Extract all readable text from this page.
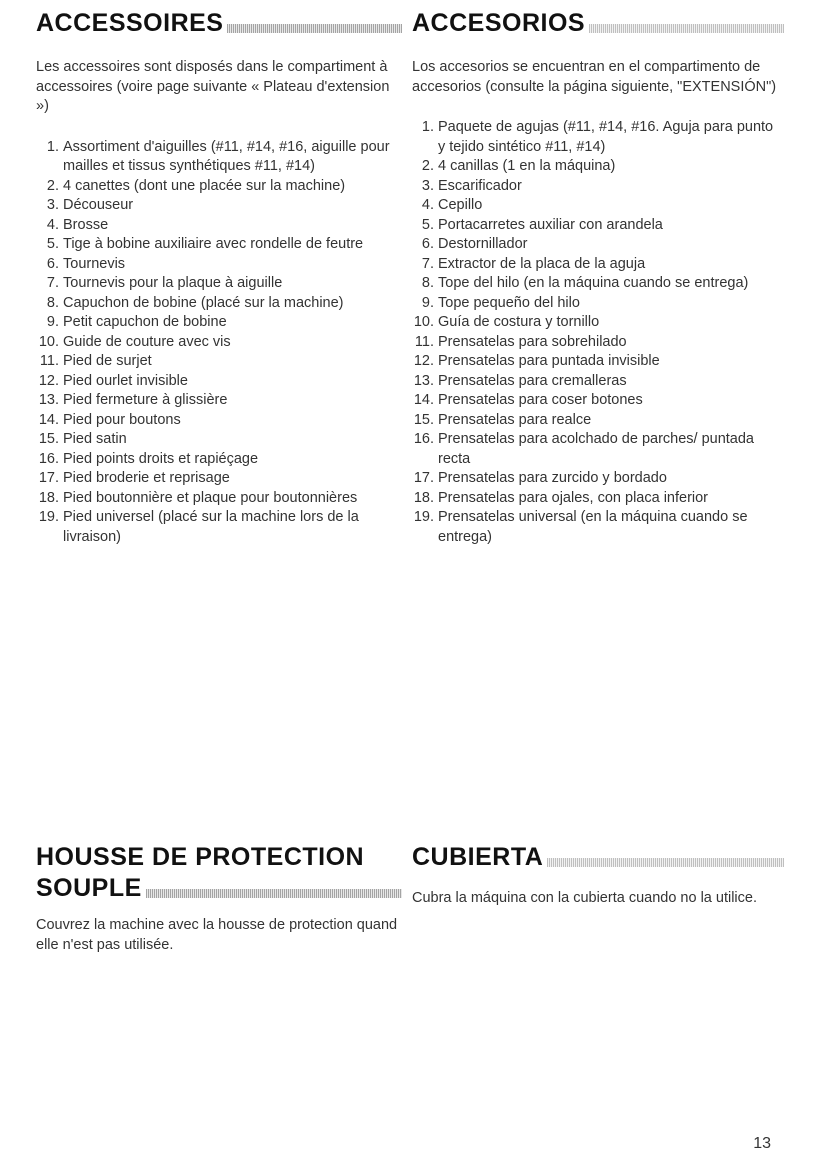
ACCESSOIRES

Les accessoires sont disposés dans le compartiment à accessoires (voire page suivante « Plateau d'extension »)

1. Assortiment d'aiguilles (#11, #14, #16, aiguille pour mailles et tissus synthétiques #11, #14)
2. 4 canettes (dont une placée sur la machine)
3. Découseur
4. Brosse
5. Tige à bobine auxiliaire avec rondelle de feutre
6. Tournevis
7. Tournevis pour la plaque à aiguille
8. Capuchon de bobine (placé sur la machine)
9. Petit capuchon de bobine
10. Guide de couture avec vis
11. Pied de surjet
12. Pied ourlet invisible
13. Pied fermeture à glissière
14. Pied pour boutons
15. Pied satin
16. Pied points droits et rapiéçage
17. Pied broderie et reprisage
18. Pied boutonnière et plaque pour boutonnières
19. Pied universel (placé sur la machine lors de la livraison)
HOUSSE DE PROTECTION
SOUPLE

Couvrez la machine avec la housse de protection quand elle n'est pas utilisée.

ACCESORIOS

Los accesorios se encuentran en el compartimento de accesorios (consulte la página siguiente, "EXTENSIÓN")

1. Paquete de agujas (#11, #14, #16. Aguja para punto y tejido sintético #11, #14)
2. 4 canillas (1 en la máquina)
3. Escarificador
4. Cepillo
5. Portacarretes auxiliar con arandela
6. Destornillador
7. Extractor de la placa de la aguja
8. Tope del hilo (en la máquina cuando se entrega)
9. Tope pequeño del hilo
10. Guía de costura y tornillo
11. Prensatelas para sobrehilado
12. Prensatelas para puntada invisible
13. Prensatelas para cremalleras
14. Prensatelas para coser botones
15. Prensatelas para realce
16. Prensatelas para acolchado de parches/ puntada recta
17. Prensatelas para zurcido y bordado
18. Prensatelas para ojales, con placa inferior
19. Prensatelas universal (en la máquina cuando se entrega)
CUBIERTA

Cubra la máquina con la cubierta cuando no la utilice.

13
